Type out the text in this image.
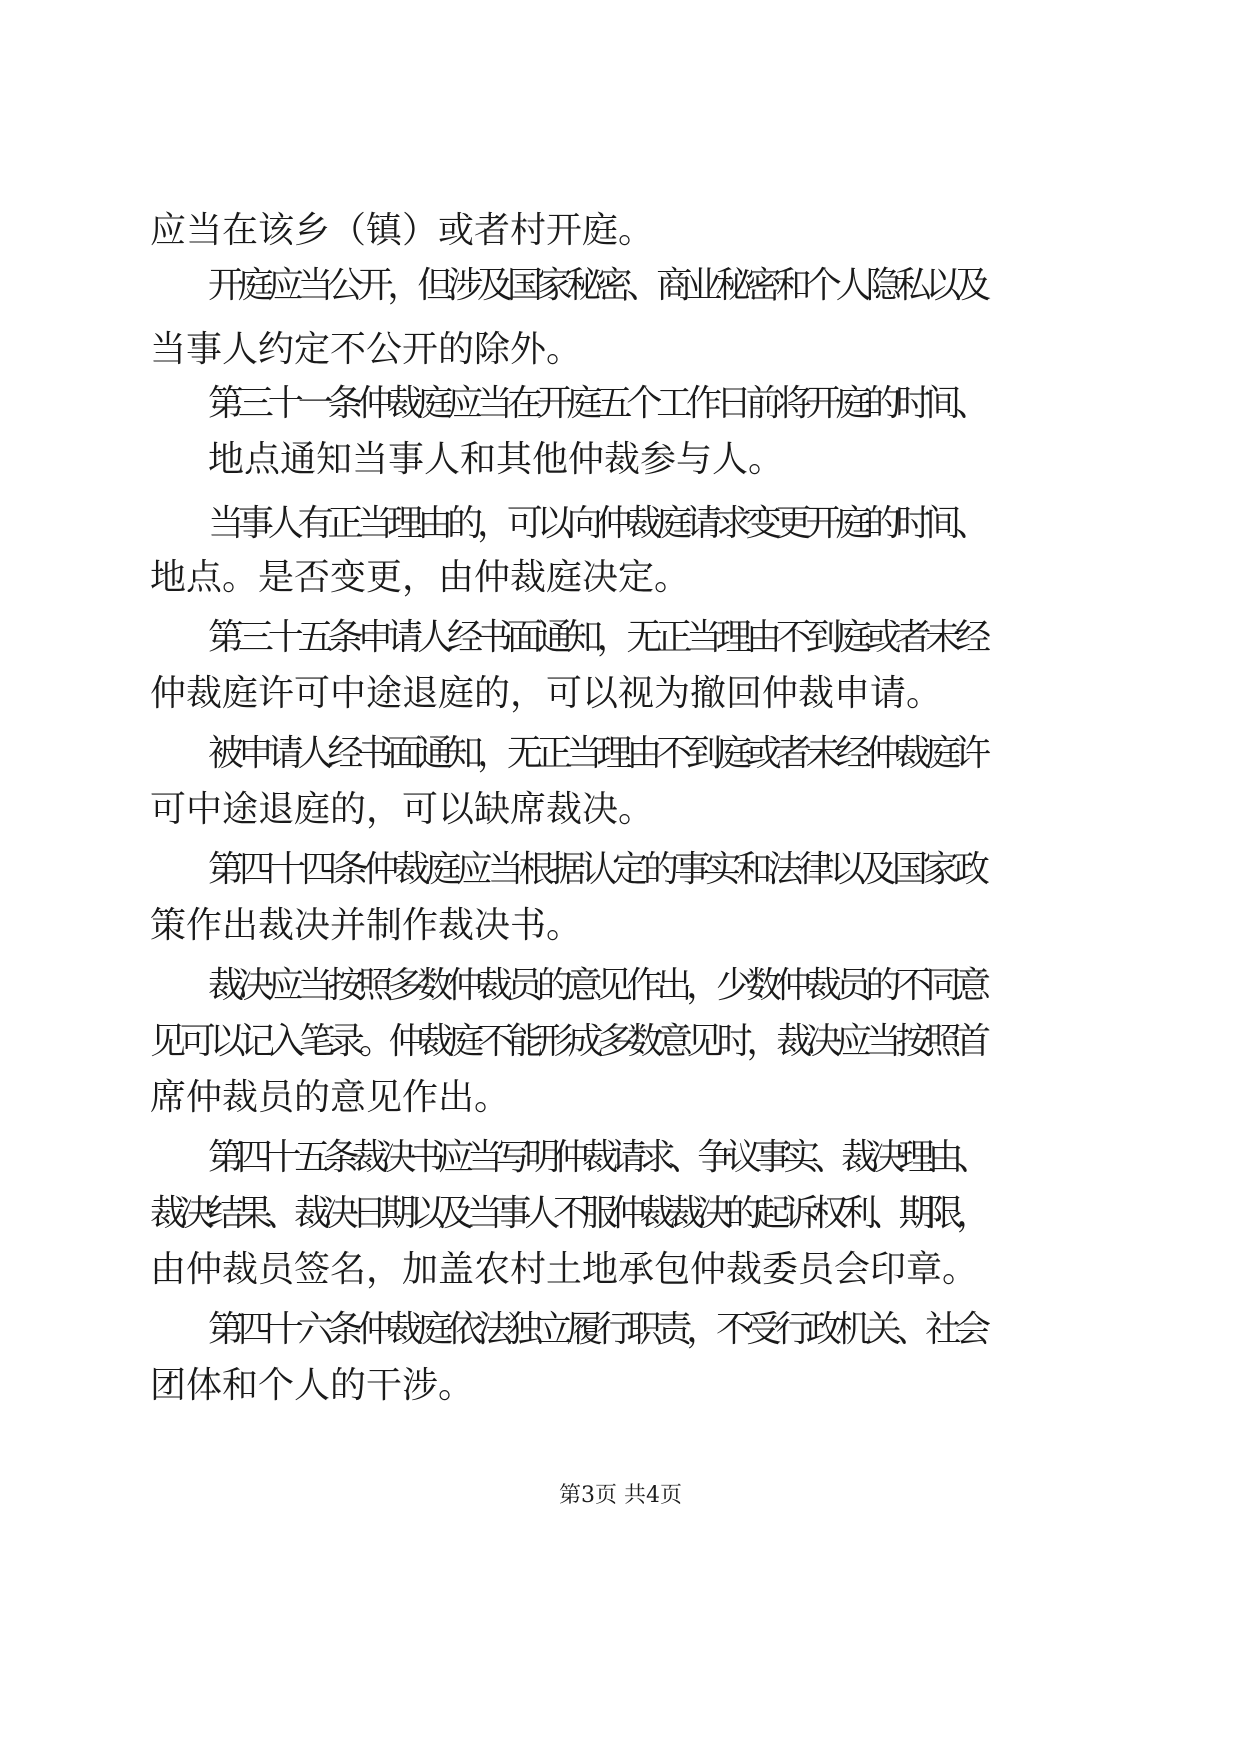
应当在该乡（镇）或者村开庭。
开庭应当公开，但涉及国家秘密、商业秘密和个人隐私以及
当事人约定不公开的除外。
第三十一条仲裁庭应当在开庭五个工作日前将开庭的时间、
地点通知当事人和其他仲裁参与人。
当事人有正当理由的，可以向仲裁庭请求变更开庭的时间、
地点。是否变更，由仲裁庭决定。
第三十五条申请人经书面通知，无正当理由不到庭或者未经
仲裁庭许可中途退庭的，可以视为撤回仲裁申请。
被申请人经书面通知，无正当理由不到庭或者未经仲裁庭许
可中途退庭的，可以缺席裁决。
第四十四条仲裁庭应当根据认定的事实和法律以及国家政
策作出裁决并制作裁决书。
裁决应当按照多数仲裁员的意见作出，少数仲裁员的不同意
见可以记入笔录。仲裁庭不能形成多数意见时，裁决应当按照首
席仲裁员的意见作出。
第四十五条裁决书应当写明仲裁请求、争议事实、裁决理由、
裁决结果、裁决日期以及当事人不服仲裁裁决的起诉权利、期限，
由仲裁员签名，加盖农村土地承包仲裁委员会印章。
第四十六条仲裁庭依法独立履行职责，不受行政机关、社会
团体和个人的干涉。
第3页 共4页
